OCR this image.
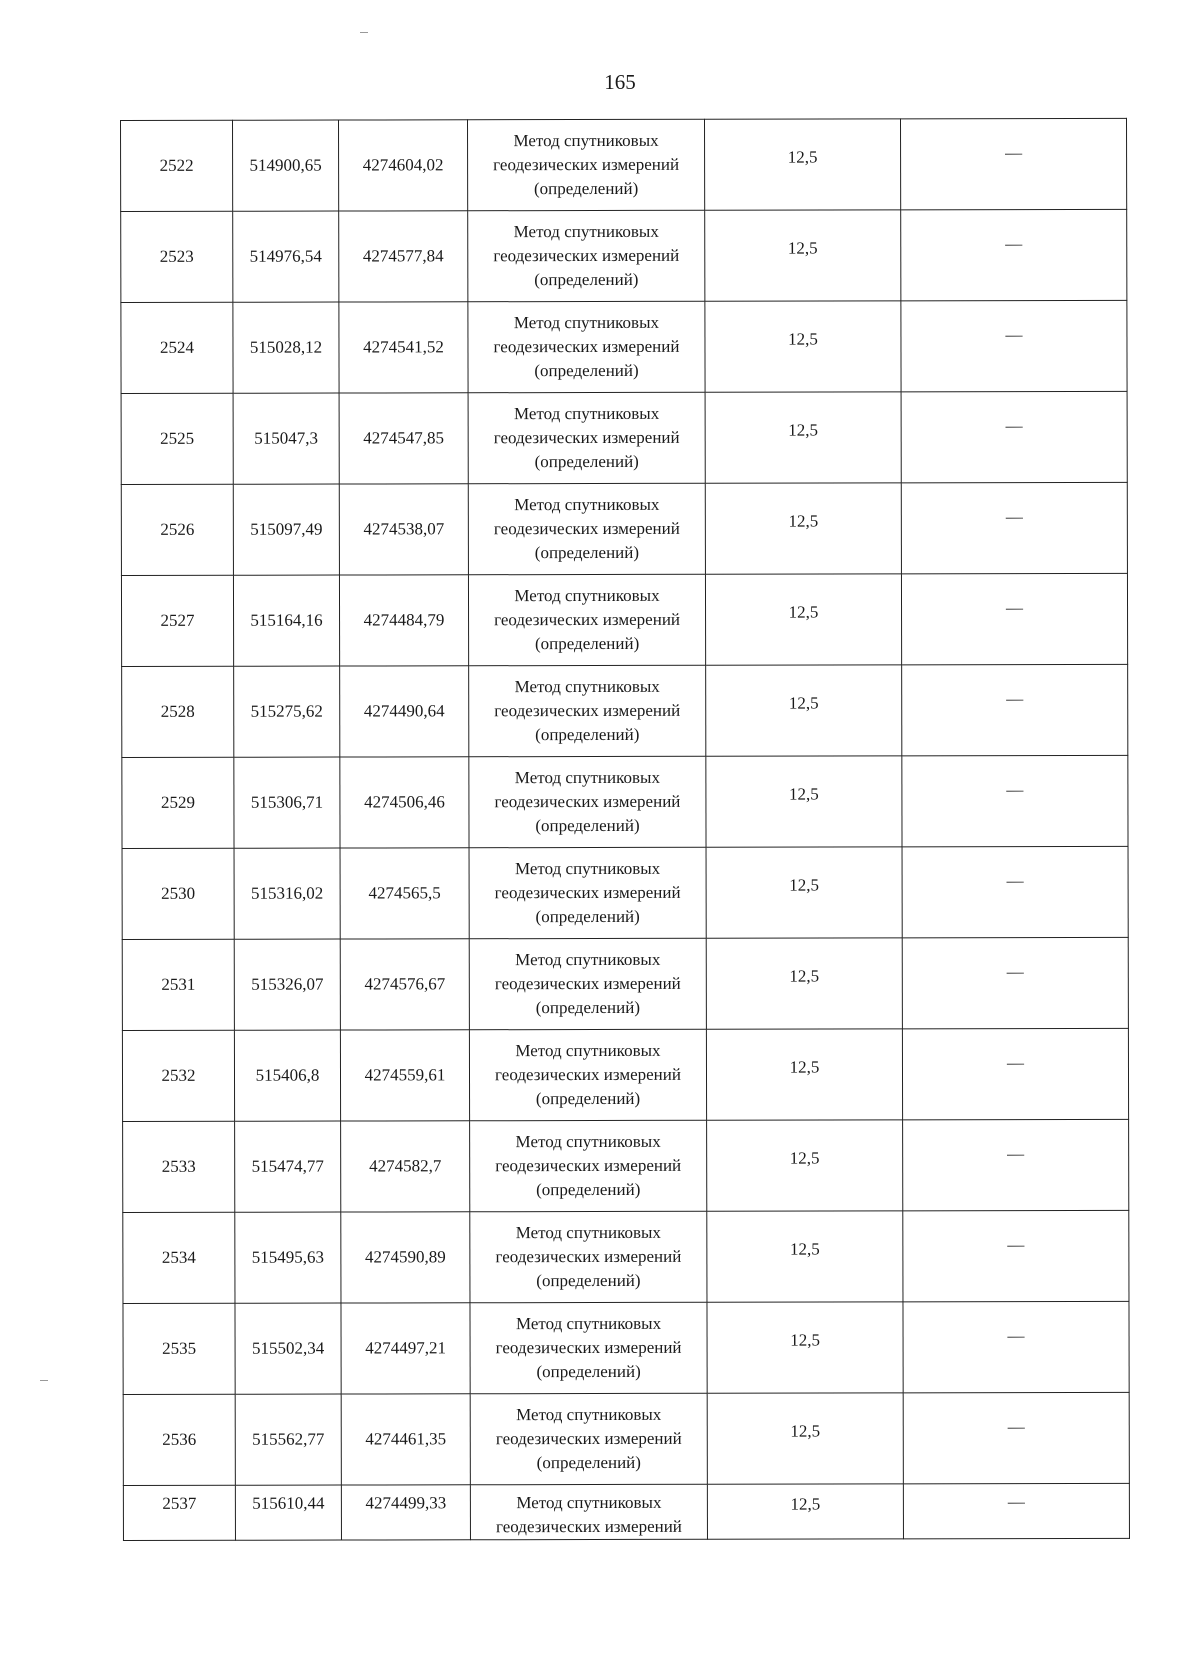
165
2522	514900,65	4274604,02	Метод спутниковых геодезических измерений (определений)	12,5	—

2523	514976,54	4274577,84	Метод спутниковых геодезических измерений (определений)	12,5	—

2524	515028,12	4274541,52	Метод спутниковых геодезических измерений (определений)	12,5	—

2525	515047,3	4274547,85	Метод спутниковых геодезических измерений (определений)	12,5	—

2526	515097,49	4274538,07	Метод спутниковых геодезических измерений (определений)	12,5	—

2527	515164,16	4274484,79	Метод спутниковых геодезических измерений (определений)	12,5	—

2528	515275,62	4274490,64	Метод спутниковых геодезических измерений (определений)	12,5	—

2529	515306,71	4274506,46	Метод спутниковых геодезических измерений (определений)	12,5	—

2530	515316,02	4274565,5	Метод спутниковых геодезических измерений (определений)	12,5	—

2531	515326,07	4274576,67	Метод спутниковых геодезических измерений (определений)	12,5	—

2532	515406,8	4274559,61	Метод спутниковых геодезических измерений (определений)	12,5	—

2533	515474,77	4274582,7	Метод спутниковых геодезических измерений (определений)	12,5	—

2534	515495,63	4274590,89	Метод спутниковых геодезических измерений (определений)	12,5	—

2535	515502,34	4274497,21	Метод спутниковых геодезических измерений (определений)	12,5	—

2536	515562,77	4274461,35	Метод спутниковых геодезических измерений (определений)	12,5	—

2537	515610,44	4274499,33	Метод спутниковых геодезических измерений	12,5	—
